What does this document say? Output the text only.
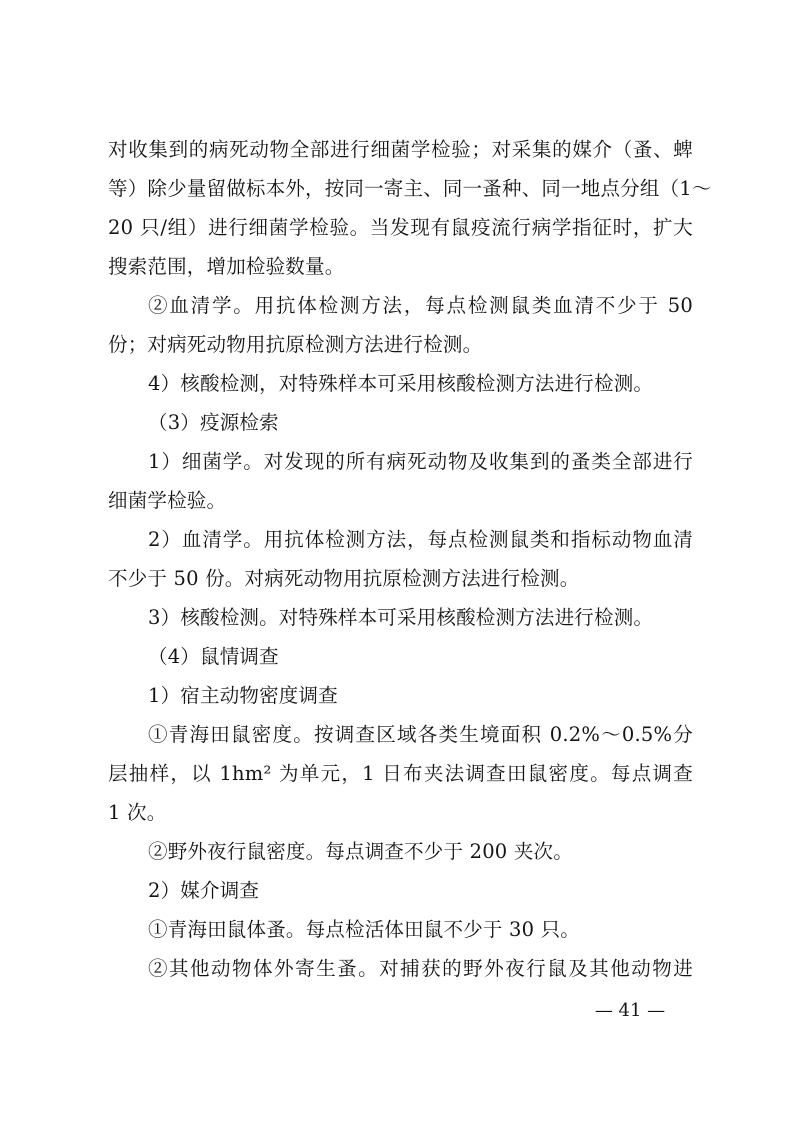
对收集到的病死动物全部进行细菌学检验；对采集的媒介（蚤、蜱
等）除少量留做标本外，按同一寄主、同一蚤种、同一地点分组（1～
20 只/组）进行细菌学检验。当发现有鼠疫流行病学指征时，扩大
搜索范围，增加检验数量。
②血清学。用抗体检测方法，每点检测鼠类血清不少于 50
份；对病死动物用抗原检测方法进行检测。
4）核酸检测，对特殊样本可采用核酸检测方法进行检测。
（3）疫源检索
1）细菌学。对发现的所有病死动物及收集到的蚤类全部进行
细菌学检验。
2）血清学。用抗体检测方法，每点检测鼠类和指标动物血清
不少于 50 份。对病死动物用抗原检测方法进行检测。
3）核酸检测。对特殊样本可采用核酸检测方法进行检测。
（4）鼠情调查
1）宿主动物密度调查
①青海田鼠密度。按调查区域各类生境面积 0.2%～0.5%分
层抽样，以 1hm² 为单元，1 日布夹法调查田鼠密度。每点调查
1 次。
②野外夜行鼠密度。每点调查不少于 200 夹次。
2）媒介调查
①青海田鼠体蚤。每点检活体田鼠不少于 30 只。
②其他动物体外寄生蚤。对捕获的野外夜行鼠及其他动物进
— 41 —
